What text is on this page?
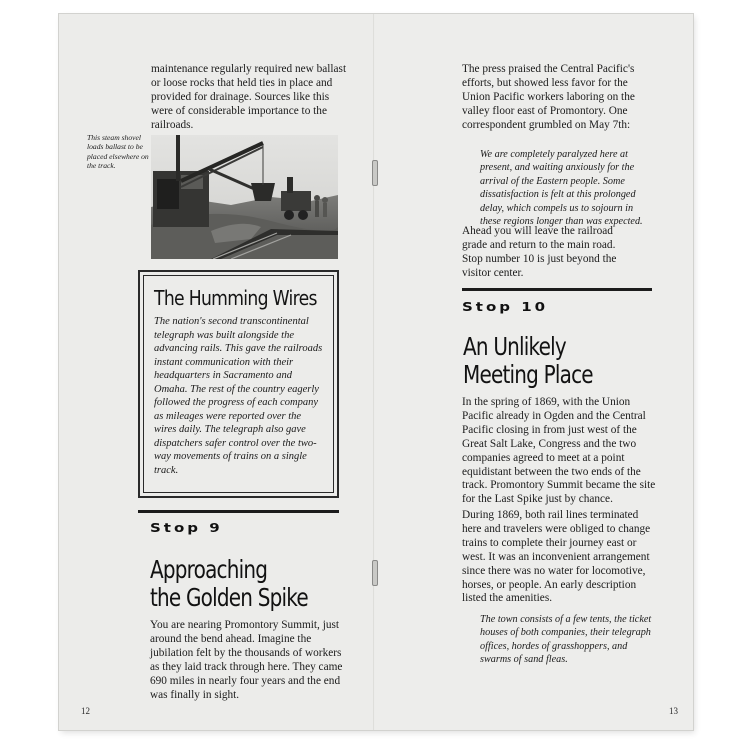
maintenance regularly required new ballast or loose rocks that held ties in place and provided for drainage. Sources like this were of considerable importance to the railroads.

This steam shovel loads ballast to be placed elsewhere on the track.

The Humming Wires

The nation's second transcontinental telegraph was built alongside the advancing rails. This gave the railroads instant communication with their headquarters in Sacramento and Omaha. The rest of the country eagerly followed the progress of each company as mileages were reported over the wires daily. The telegraph also gave dispatchers safer control over the two-way movements of trains on a single track.

Stop 9

Approaching
the Golden Spike

You are nearing Promontory Summit, just around the bend ahead. Imagine the jubilation felt by the thousands of workers as they laid track through here. They came 690 miles in nearly four years and the end was finally in sight.

12

The press praised the Central Pacific's efforts, but showed less favor for the Union Pacific workers laboring on the valley floor east of Promontory. One correspondent grumbled on May 7th:

We are completely paralyzed here at present, and waiting anxiously for the arrival of the Eastern people. Some dissatisfaction is felt at this prolonged delay, which compels us to sojourn in these regions longer than was expected.

Ahead you will leave the railroad grade and return to the main road. Stop number 10 is just beyond the visitor center.

Stop 10

An Unlikely
Meeting Place

In the spring of 1869, with the Union Pacific already in Ogden and the Central Pacific closing in from just west of the Great Salt Lake, Congress and the two companies agreed to meet at a point equidistant between the two ends of the track. Promontory Summit became the site for the Last Spike just by chance.

During 1869, both rail lines terminated here and travelers were obliged to change trains to complete their journey east or west. It was an inconvenient arrangement since there was no water for locomotive, horses, or people. An early description listed the amenities.

The town consists of a few tents, the ticket houses of both companies, their telegraph offices, hordes of grasshoppers, and swarms of sand fleas.

13
